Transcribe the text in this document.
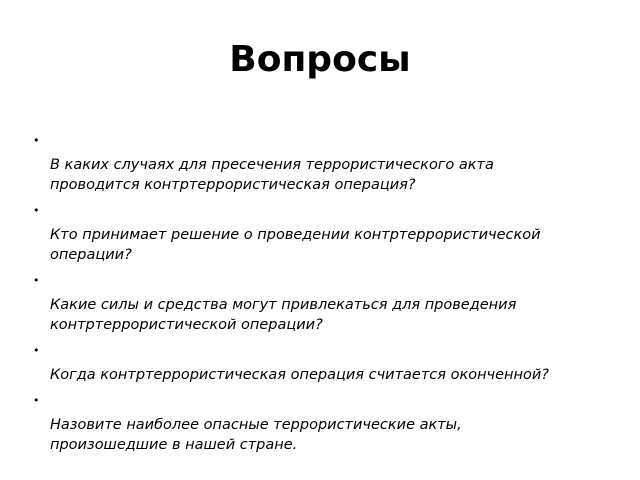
Вопросы
•
В каких случаях для пресечения террористического акта проводится контртеррористическая операция?
•
Кто принимает решение о проведении контртеррористической операции?
•
Какие силы и средства могут привлекаться для проведения контртеррористической операции?
•
Когда контртеррористическая операция считается оконченной?
•
Назовите наиболее опасные террористические акты, произошедшие в нашей стране.
